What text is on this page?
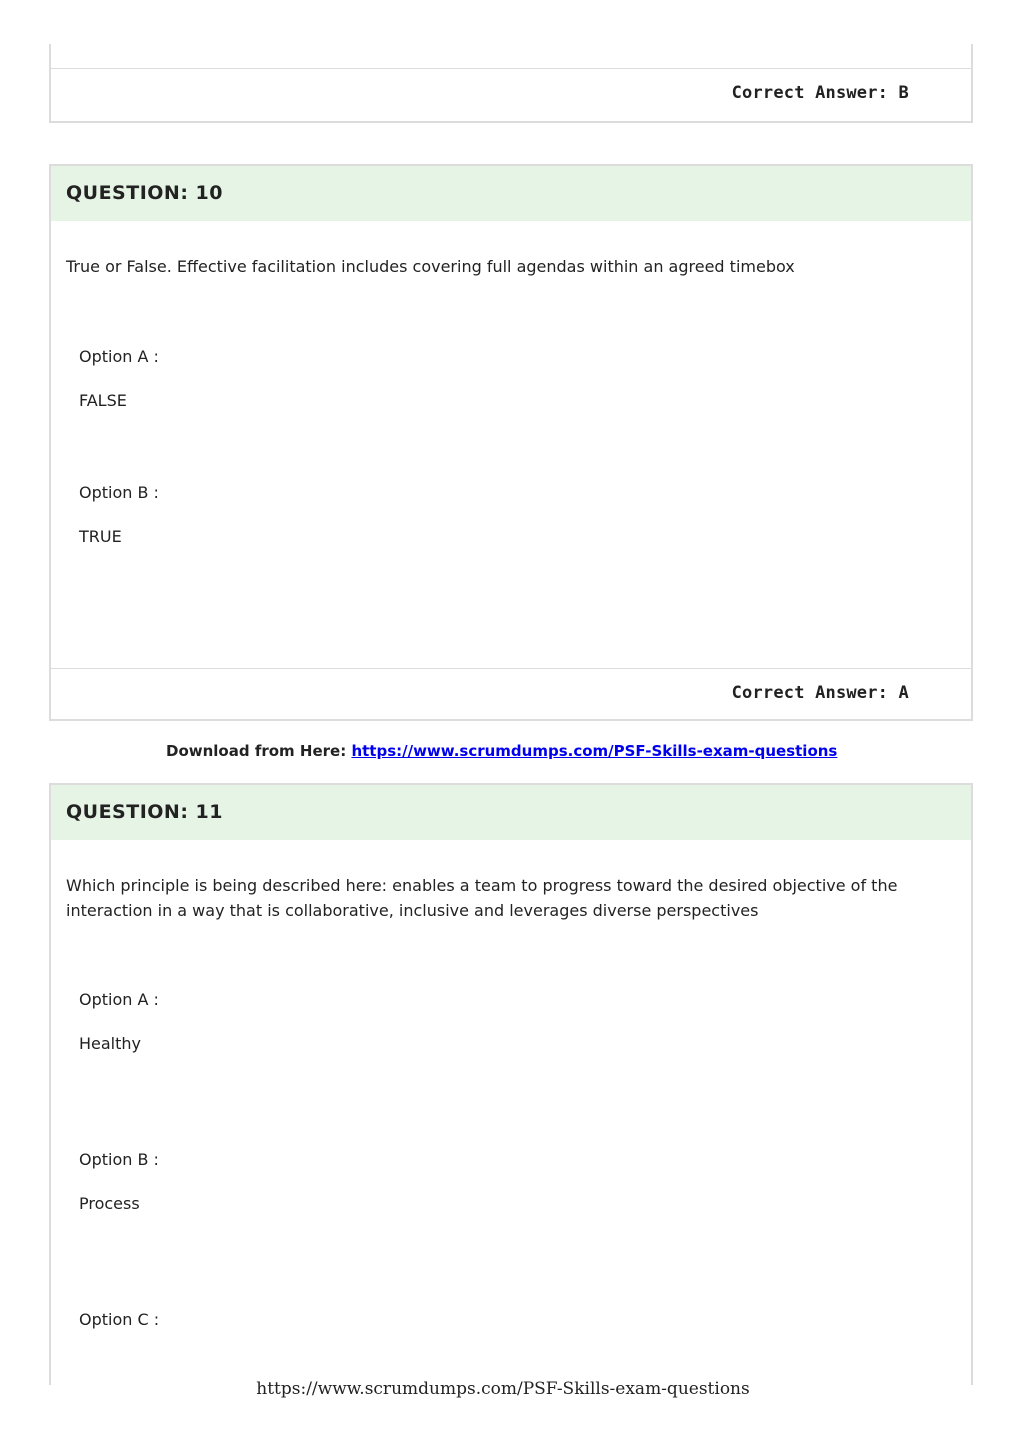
Correct Answer: B
QUESTION: 10
True or False. Effective facilitation includes covering full agendas within an agreed timebox
Option A :
FALSE
Option B :
TRUE
Correct Answer: A
Download from Here: https://www.scrumdumps.com/PSF-Skills-exam-questions
QUESTION: 11
Which principle is being described here: enables a team to progress toward the desired objective of the interaction in a way that is collaborative, inclusive and leverages diverse perspectives
Option A :
Healthy
Option B :
Process
Option C :
https://www.scrumdumps.com/PSF-Skills-exam-questions
